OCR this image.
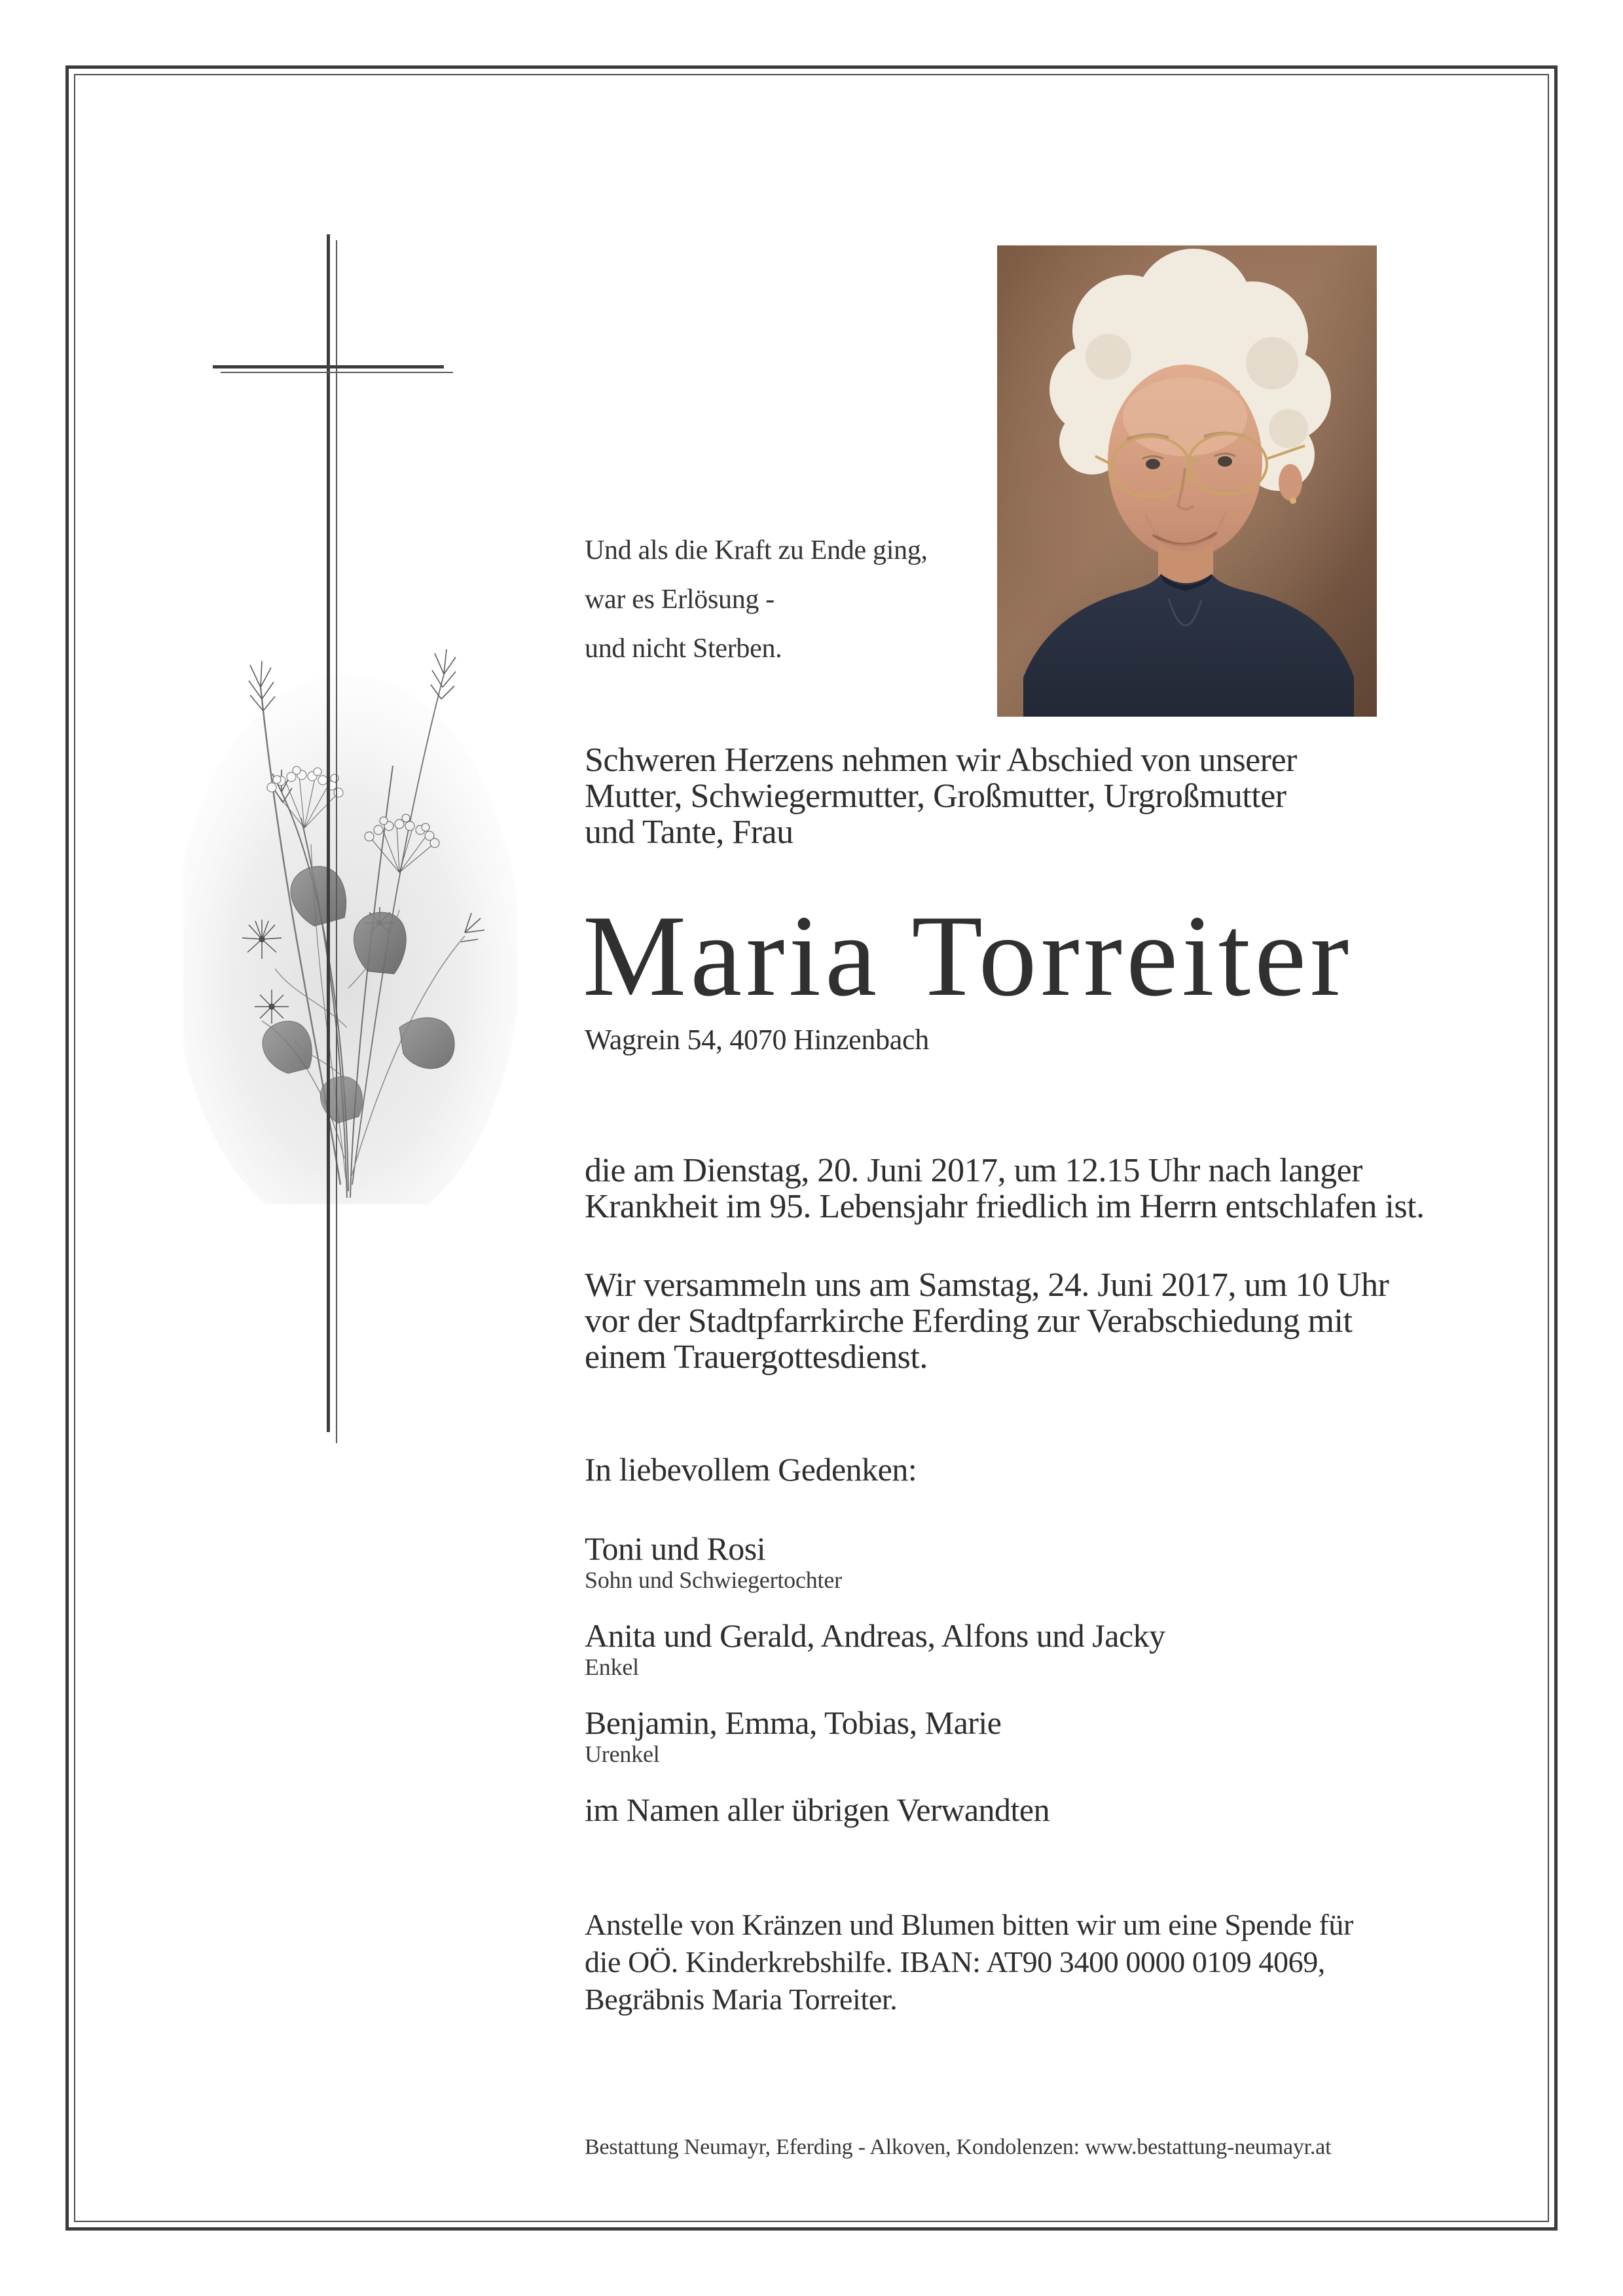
Und als die Kraft zu Ende ging,
war es Erlösung -
und nicht Sterben.
Schweren Herzens nehmen wir Abschied von unserer
Mutter, Schwiegermutter, Großmutter, Urgroßmutter
und Tante, Frau
Maria Torreiter
Wagrein 54, 4070 Hinzenbach
die am Dienstag, 20. Juni 2017, um 12.15 Uhr nach langer
Krankheit im 95. Lebensjahr friedlich im Herrn entschlafen ist.
Wir versammeln uns am Samstag, 24. Juni 2017, um 10 Uhr
vor der Stadtpfarrkirche Eferding zur Verabschiedung mit
einem Trauergottesdienst.
In liebevollem Gedenken:
Toni und Rosi
Sohn und Schwiegertochter
Anita und Gerald, Andreas, Alfons und Jacky
Enkel
Benjamin, Emma, Tobias, Marie
Urenkel
im Namen aller übrigen Verwandten
Anstelle von Kränzen und Blumen bitten wir um eine Spende für
die OÖ. Kinderkrebshilfe. IBAN: AT90 3400 0000 0109 4069,
Begräbnis Maria Torreiter.
Bestattung Neumayr, Eferding - Alkoven, Kondolenzen: www.bestattung-neumayr.at
